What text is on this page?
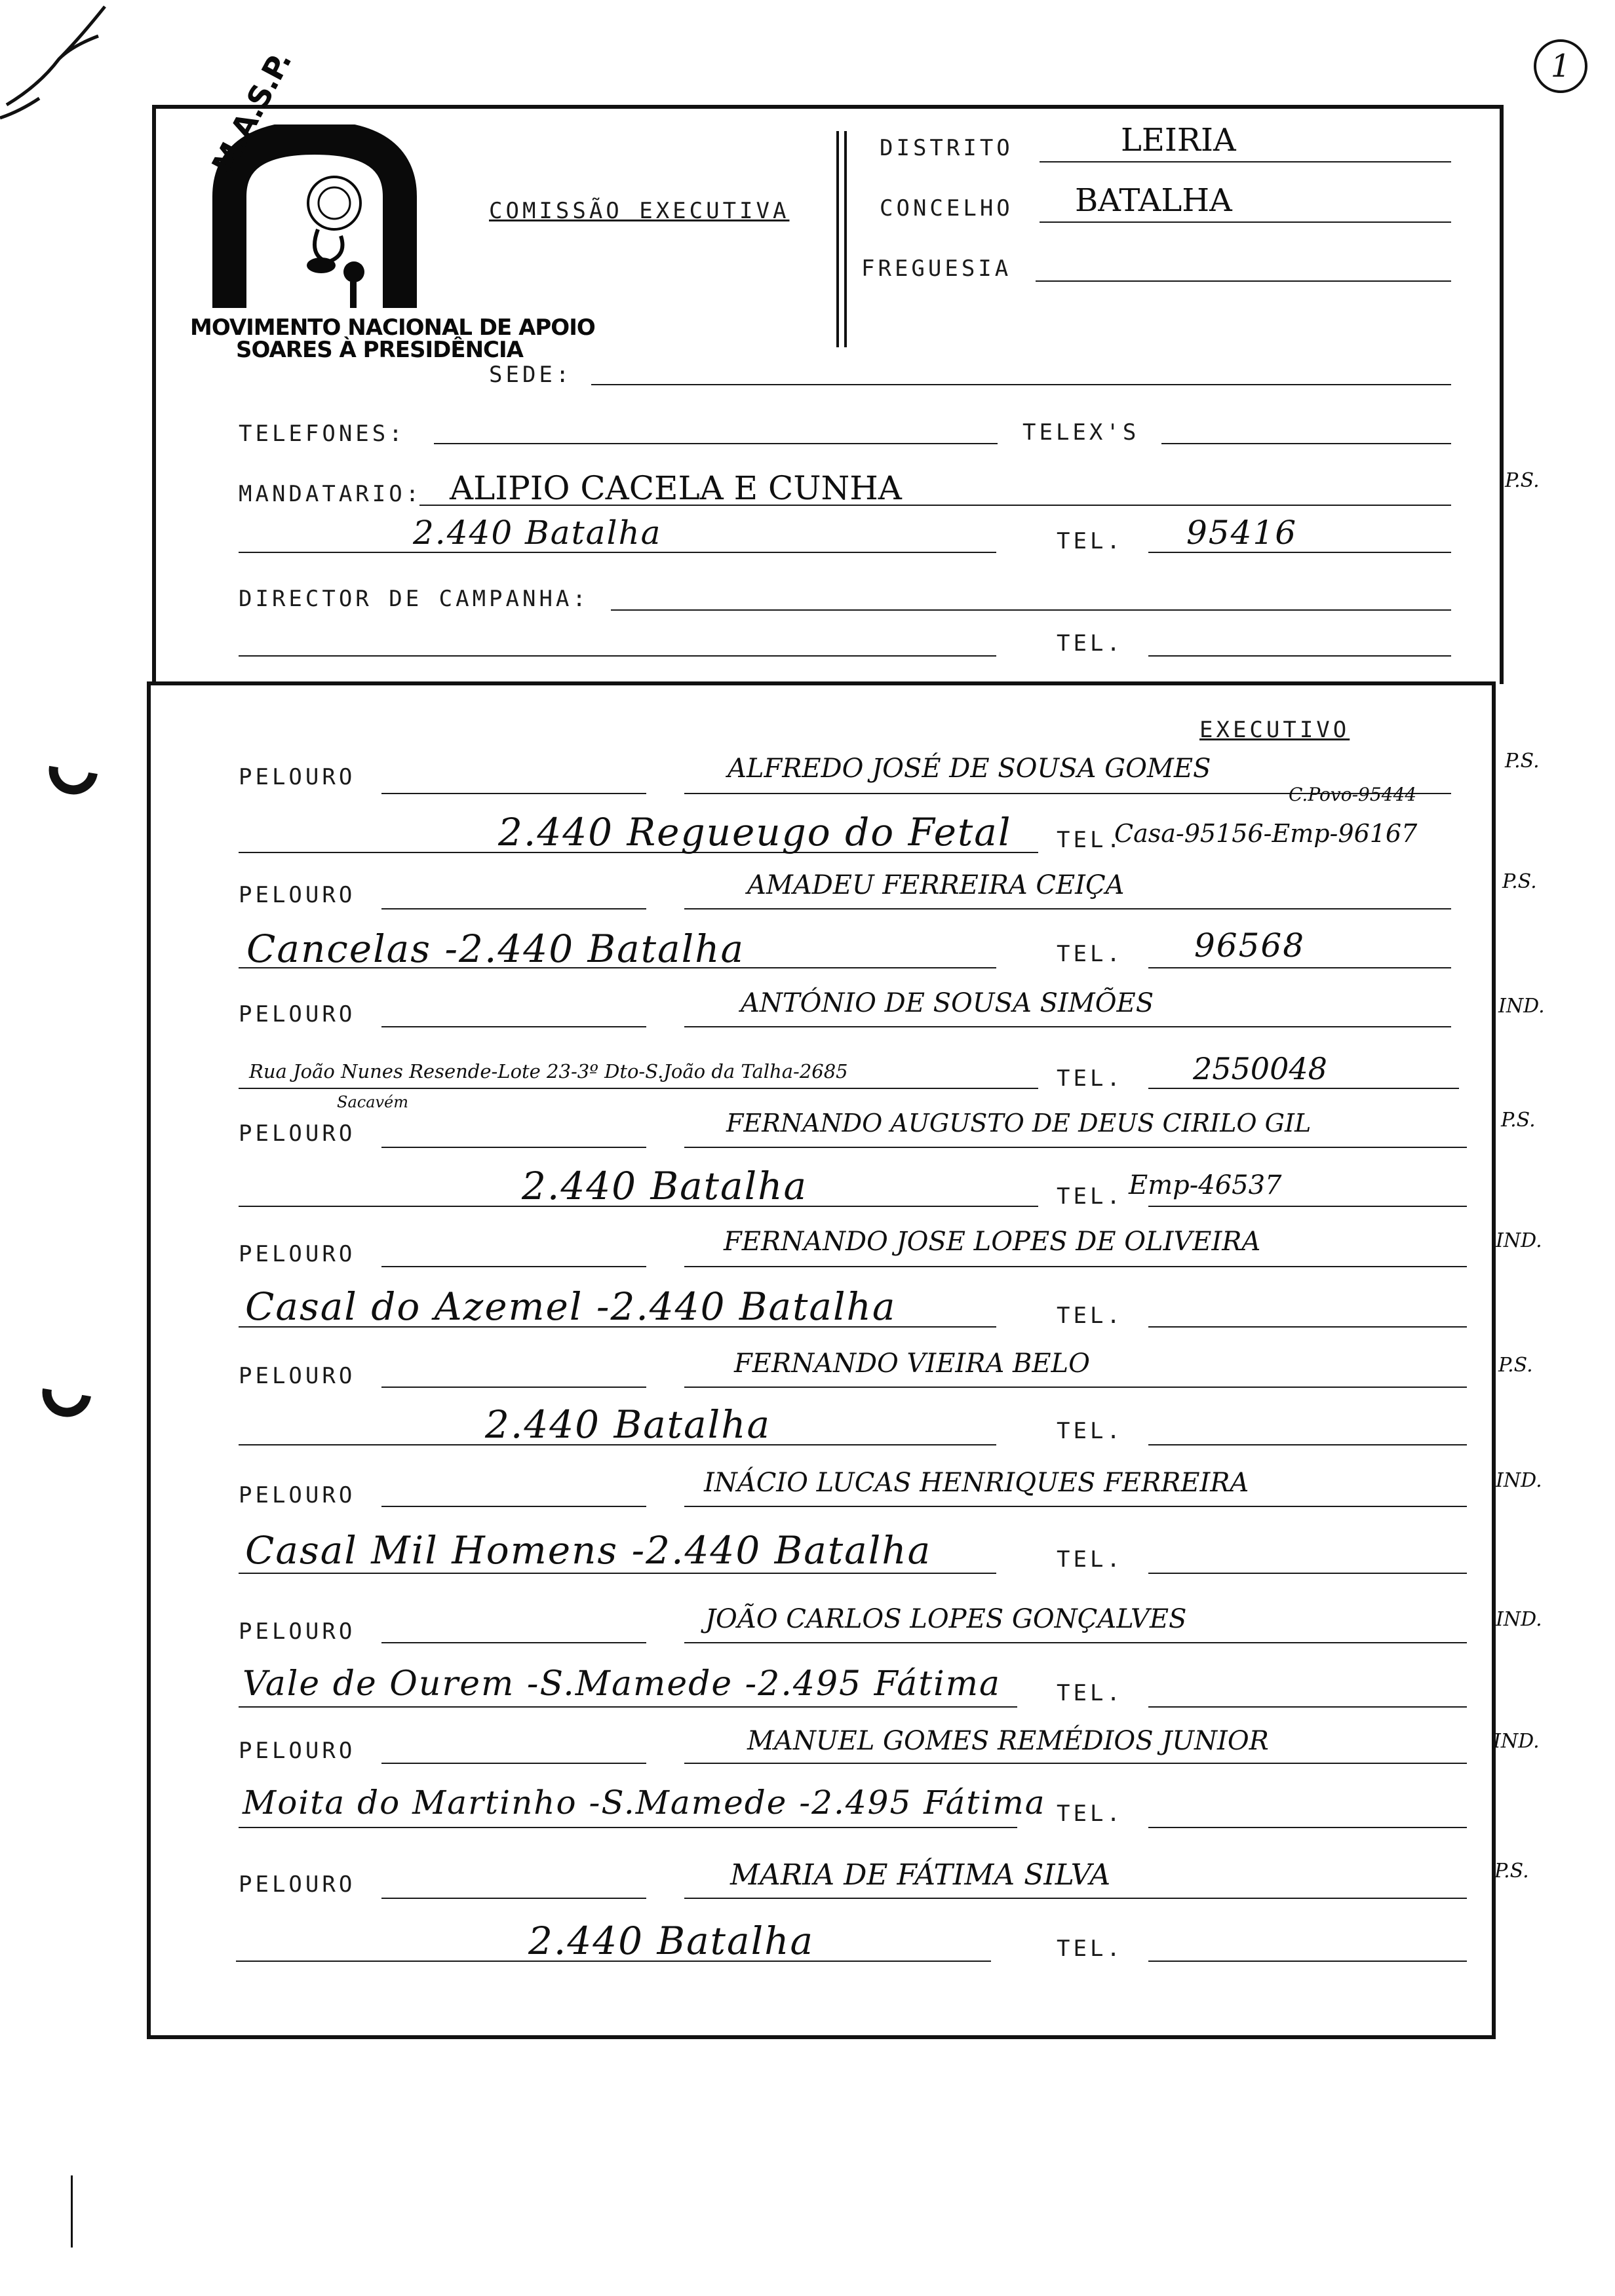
1
M.A.S.P.
MOVIMENTO NACIONAL DE APOIO
SOARES À PRESIDÊNCIA
COMISSÃO EXECUTIVA
DISTRITO	LEIRIA
CONCELHO BATALHA
FREGUESIA
SEDE:
TELEFONES:	TELEX'S
MANDATARIO: ALIPIO CACELA E CUNHA	P.S.
2.440 Batalha	TEL. 95416
DIRECTOR DE CAMPANHA:
TEL.
EXECUTIVO
PELOURO	ALFREDO JOSÉ DE SOUSA GOMES	P.S.
C.Povo-95444
2.440 Regueugo do Fetal TEL.
Casa-95156-Emp-96167
PELOURO	AMADEU FERREIRA CEIÇA	P.S.
Cancelas -2.440 Batalha	TEL. 96568
PELOURO	ANTÓNIO DE SOUSA SIMÕES	IND.
Rua João Nunes Resende-Lote 23-3º Dto-S.João da Talha-2685
Sacavém
TEL. 2550048
PELOURO	FERNANDO AUGUSTO DE DEUS CIRILO GIL	P.S.
2.440 Batalha	TEL. Emp-46537
PELOURO	FERNANDO JOSE LOPES DE OLIVEIRA	IND.
Casal do Azemel -2.440 Batalha	TEL.
PELOURO	FERNANDO VIEIRA BELO	P.S.
2.440 Batalha	TEL.
PELOURO	INÁCIO LUCAS HENRIQUES FERREIRA	IND.
Casal Mil Homens -2.440 Batalha	TEL.
PELOURO	JOÃO CARLOS LOPES GONÇALVES	IND.
Vale de Ourem -S.Mamede -2.495 Fátima TEL.
PELOURO	MANUEL GOMES REMÉDIOS JUNIOR	IND.
Moita do Martinho -S.Mamede -2.495 Fátima TEL.
PELOURO	MARIA DE FÁTIMA SILVA	P.S.
2.440 Batalha	TEL.
